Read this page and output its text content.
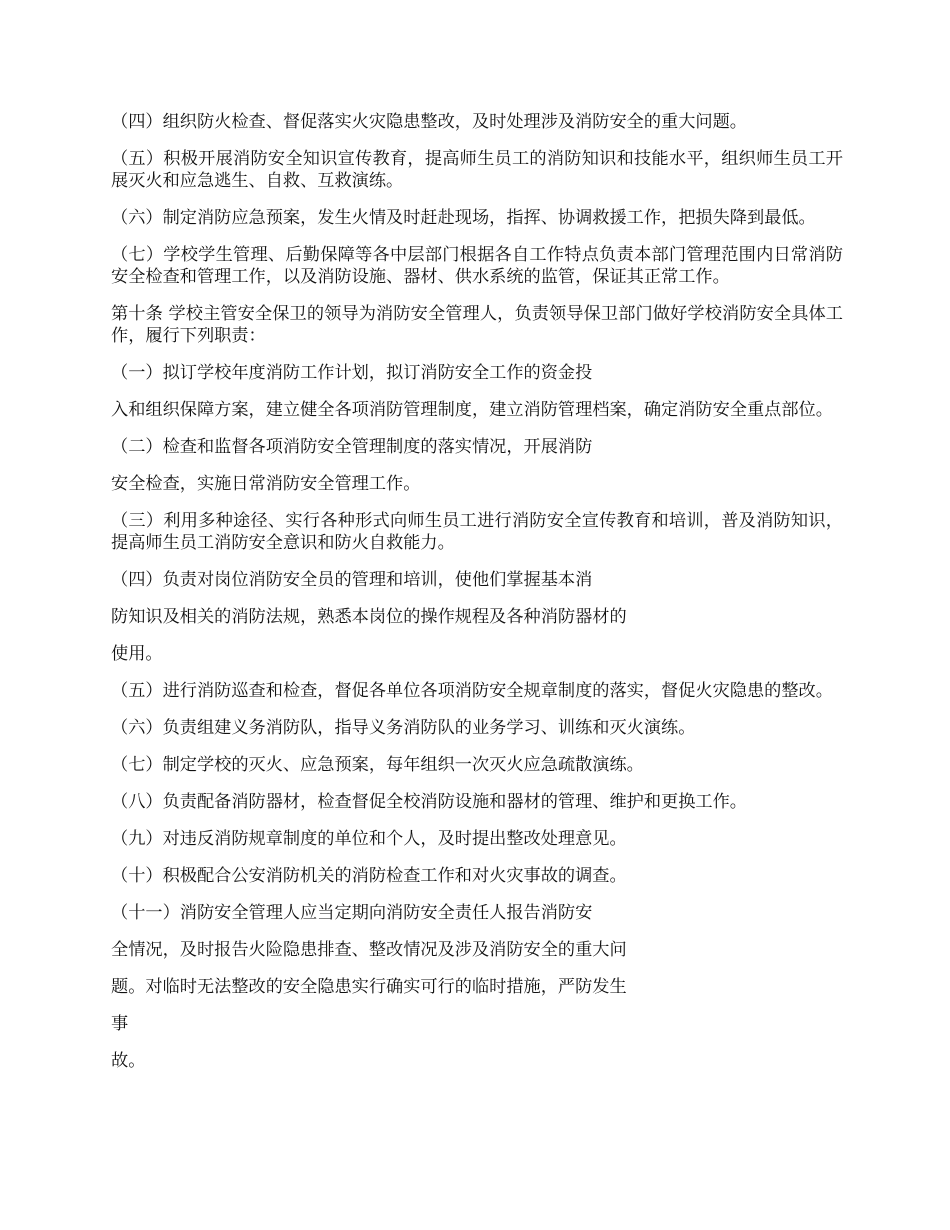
（四）组织防火检查、督促落实火灾隐患整改，及时处理涉及消防安全的重大问题。

（五）积极开展消防安全知识宣传教育，提高师生员工的消防知识和技能水平，组织师生员工开展灭火和应急逃生、自救、互救演练。

（六）制定消防应急预案，发生火情及时赶赴现场，指挥、协调救援工作，把损失降到最低。

（七）学校学生管理、后勤保障等各中层部门根据各自工作特点负责本部门管理范围内日常消防安全检查和管理工作，以及消防设施、器材、供水系统的监管，保证其正常工作。

第十条 学校主管安全保卫的领导为消防安全管理人，负责领导保卫部门做好学校消防安全具体工作，履行下列职责：

（一）拟订学校年度消防工作计划，拟订消防安全工作的资金投

入和组织保障方案，建立健全各项消防管理制度，建立消防管理档案，确定消防安全重点部位。

（二）检查和监督各项消防安全管理制度的落实情况，开展消防

安全检查，实施日常消防安全管理工作。

（三）利用多种途径、实行各种形式向师生员工进行消防安全宣传教育和培训，普及消防知识，提高师生员工消防安全意识和防火自救能力。

（四）负责对岗位消防安全员的管理和培训，使他们掌握基本消

防知识及相关的消防法规，熟悉本岗位的操作规程及各种消防器材的

使用。

（五）进行消防巡查和检查，督促各单位各项消防安全规章制度的落实，督促火灾隐患的整改。

（六）负责组建义务消防队，指导义务消防队的业务学习、训练和灭火演练。

（七）制定学校的灭火、应急预案，每年组织一次灭火应急疏散演练。

（八）负责配备消防器材，检查督促全校消防设施和器材的管理、维护和更换工作。

（九）对违反消防规章制度的单位和个人，及时提出整改处理意见。

（十）积极配合公安消防机关的消防检查工作和对火灾事故的调查。

（十一）消防安全管理人应当定期向消防安全责任人报告消防安

全情况，及时报告火险隐患排查、整改情况及涉及消防安全的重大问

题。对临时无法整改的安全隐患实行确实可行的临时措施，严防发生

事

故。
